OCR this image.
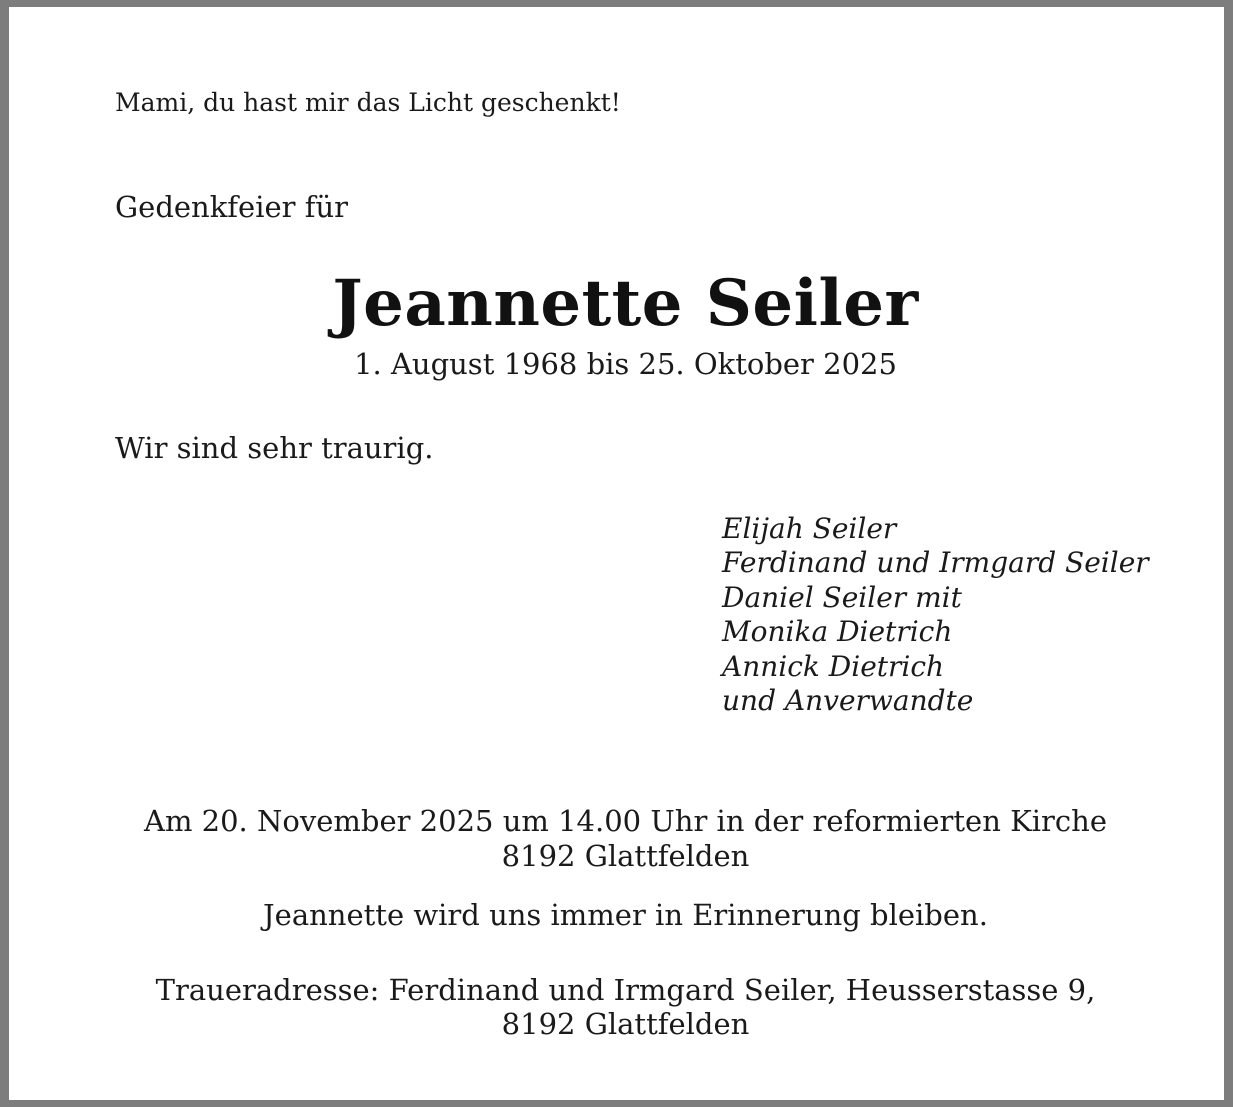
Mami, du hast mir das Licht geschenkt!
Gedenkfeier für
Jeannette Seiler
1. August 1968 bis 25. Oktober 2025
Wir sind sehr traurig.
Elijah Seiler
Ferdinand und Irmgard Seiler
Daniel Seiler mit
Monika Dietrich
Annick Dietrich
und Anverwandte
Am 20. November 2025 um 14.00 Uhr in der reformierten Kirche
8192 Glattfelden
Jeannette wird uns immer in Erinnerung bleiben.
Traueradresse: Ferdinand und Irmgard Seiler, Heusserstasse 9,
8192 Glattfelden
